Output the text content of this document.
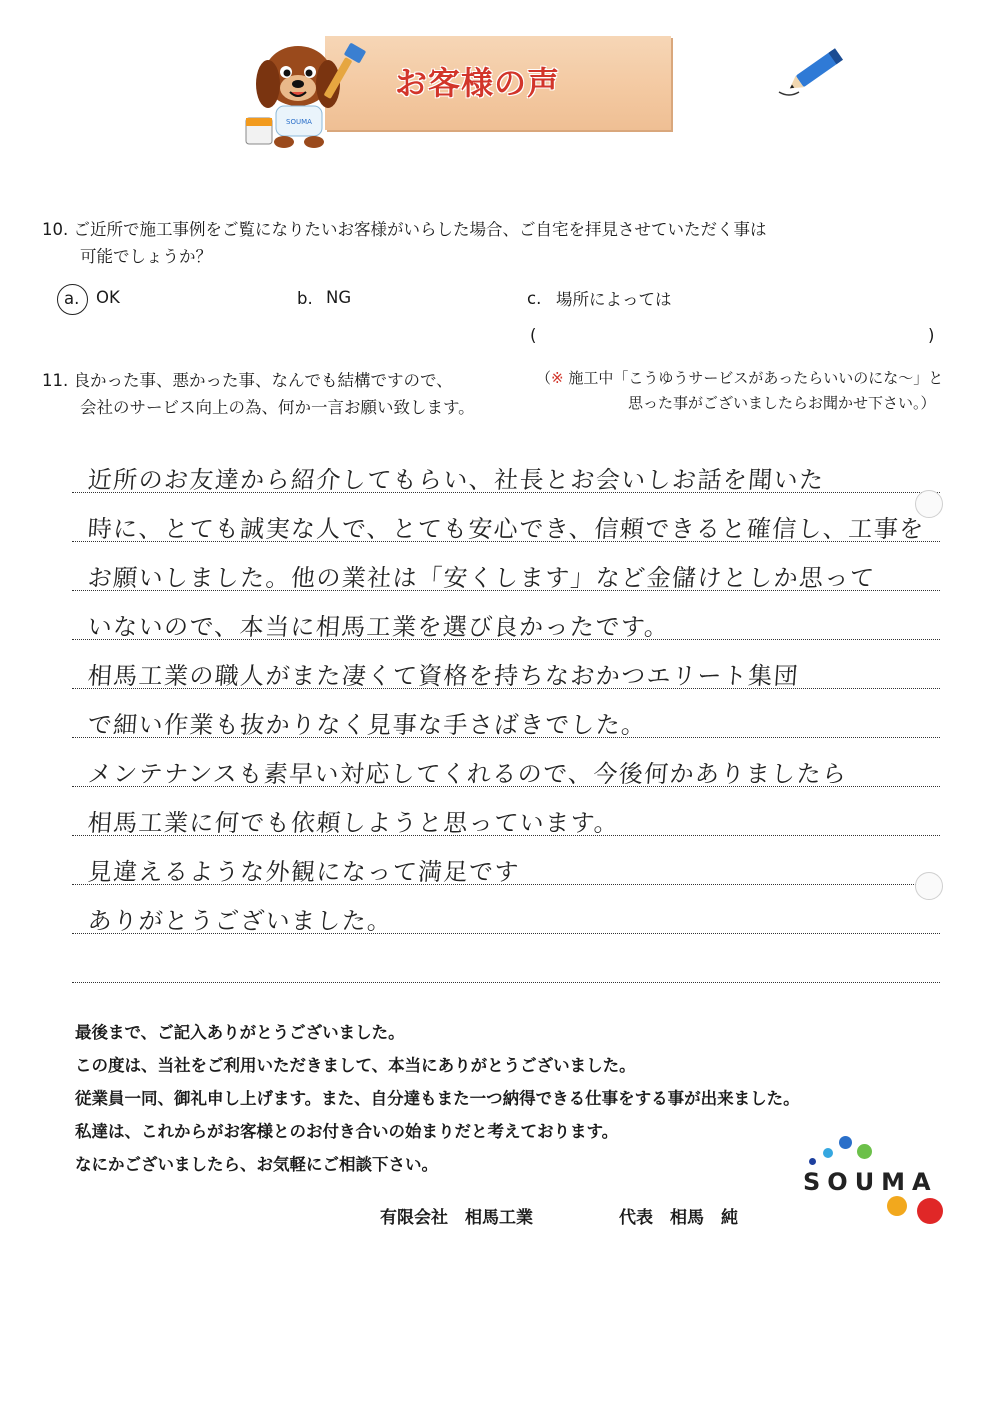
SOUMA
お客様の声
10. ご近所で施工事例をご覧になりたいお客様がいらした場合、ご自宅を拝見させていただく事は
可能でしょうか？
a. OK	b. NG	c. 場所によっては
(	)
11. 良かった事、悪かった事、なんでも結構ですので、
会社のサービス向上の為、何か一言お願い致します。
（※ 施工中「こうゆうサービスがあったらいいのにな～」と
思った事がございましたらお聞かせ下さい。）
近所のお友達から紹介してもらい、社長とお会いしお話を聞いた
時に、とても誠実な人で、とても安心でき、信頼できると確信し、工事を
お願いしました。他の業社は「安くします」など金儲けとしか思って
いないので、本当に相馬工業を選び良かったです。
相馬工業の職人がまた凄くて資格を持ちなおかつエリート集団
で細い作業も抜かりなく見事な手さばきでした。
メンテナンスも素早い対応してくれるので、今後何かありましたら
相馬工業に何でも依頼しようと思っています。
見違えるような外観になって満足です
ありがとうございました。
最後まで、ご記入ありがとうございました。
この度は、当社をご利用いただきまして、本当にありがとうございました。
従業員一同、御礼申し上げます。また、自分達もまた一つ納得できる仕事をする事が出来ました。
私達は、これからがお客様とのお付き合いの始まりだと考えております。
なにかございましたら、お気軽にご相談下さい。
SOUMA
有限会社　相馬工業	代表　相馬　純
